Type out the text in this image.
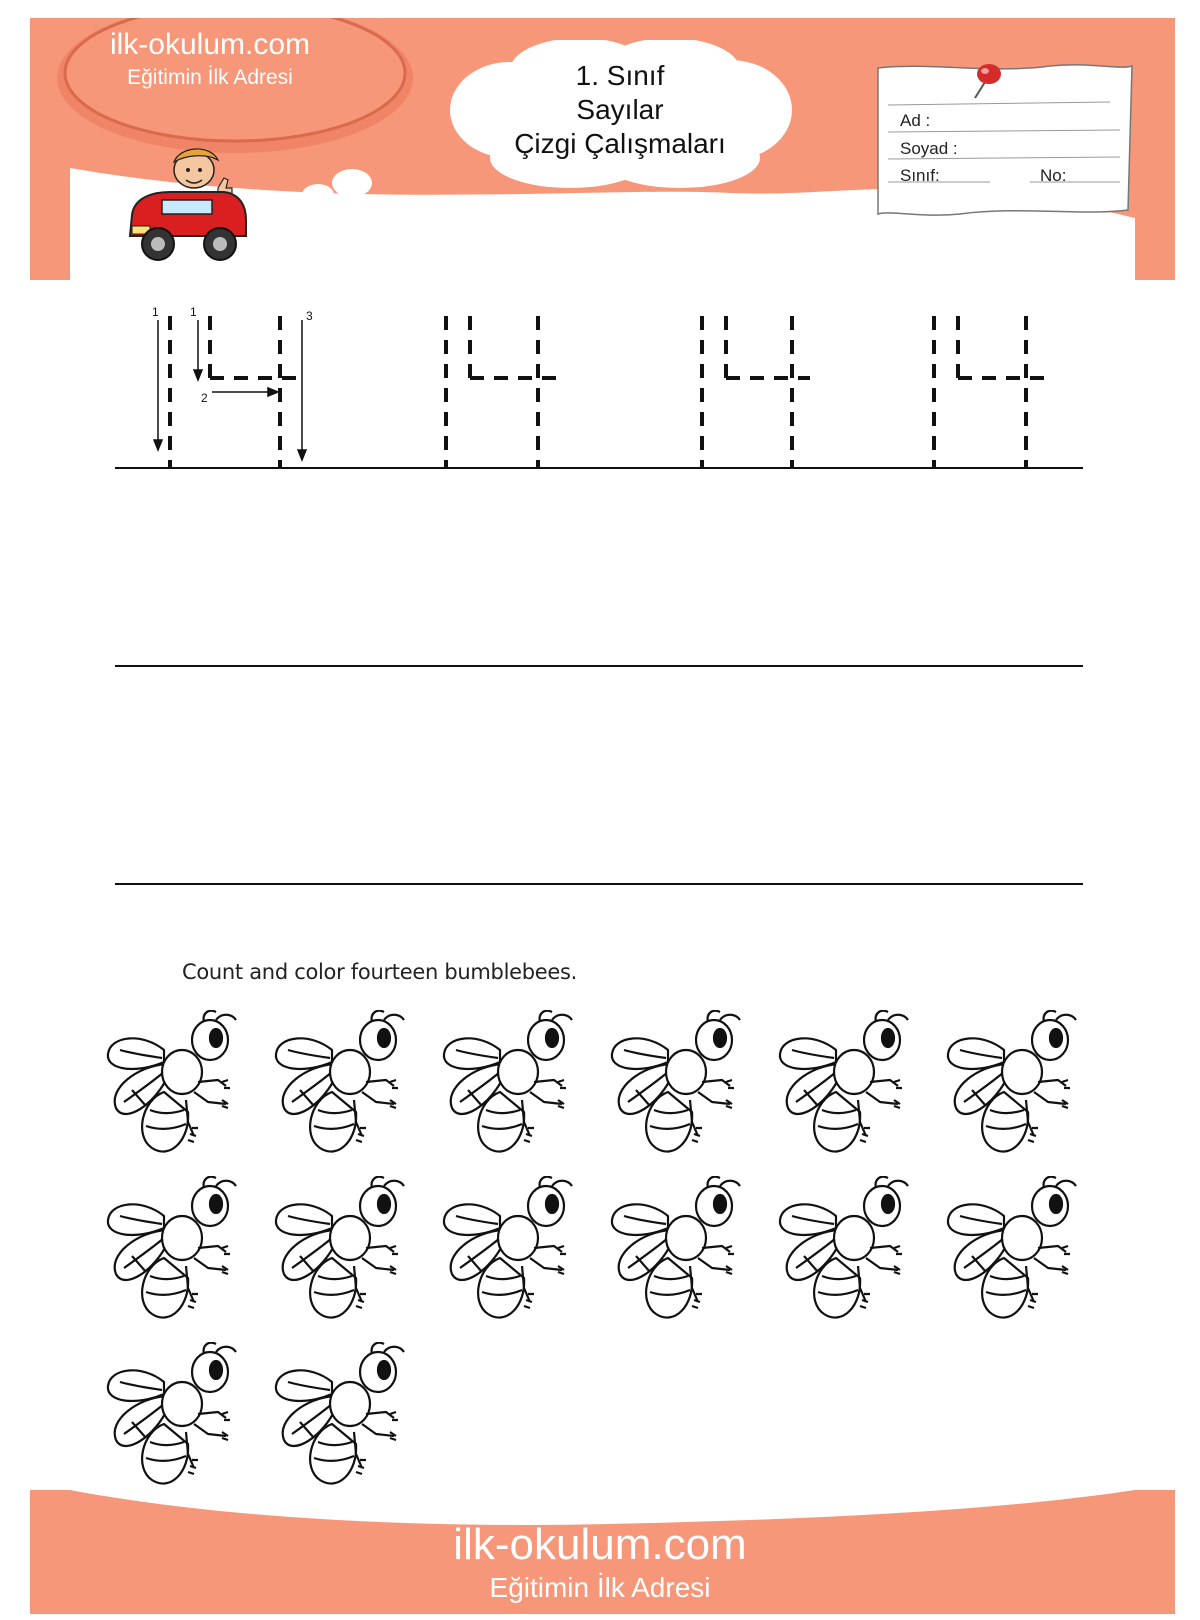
ilk-okulum.com
Eğitimin İlk Adresi	1. Sınıf
Sayılar
Çizgi Çalışmaları
Ad :
Soyad :
Sınıf:	No:
1	1
2
3
Count and color fourteen bumblebees.
ilk-okulum.com
Eğitimin İlk Adresi
